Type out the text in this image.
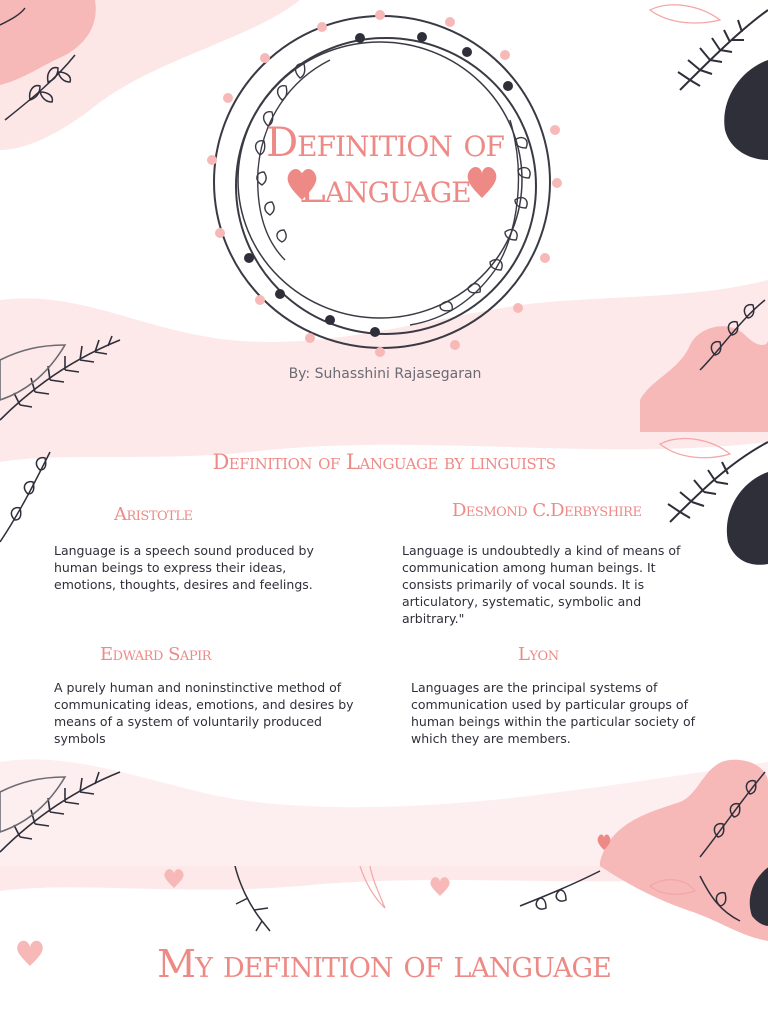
Definition of
Language
By: Suhasshini Rajasegaran
Definition of Language by linguists
Aristotle
Language is a speech sound produced by human beings to express their ideas, emotions, thoughts, desires and feelings.
Desmond C.Derbyshire
Language is undoubtedly a kind of means of communication among human beings. It consists primarily of vocal sounds. It is articulatory, systematic, symbolic and arbitrary."
Edward Sapir
A purely human and noninstinctive method of communicating ideas, emotions, and desires by means of a system of voluntarily produced symbols
Lyon
Languages are the principal systems of communication used by particular groups of human beings within the particular society of which they are members.
My definition of language
